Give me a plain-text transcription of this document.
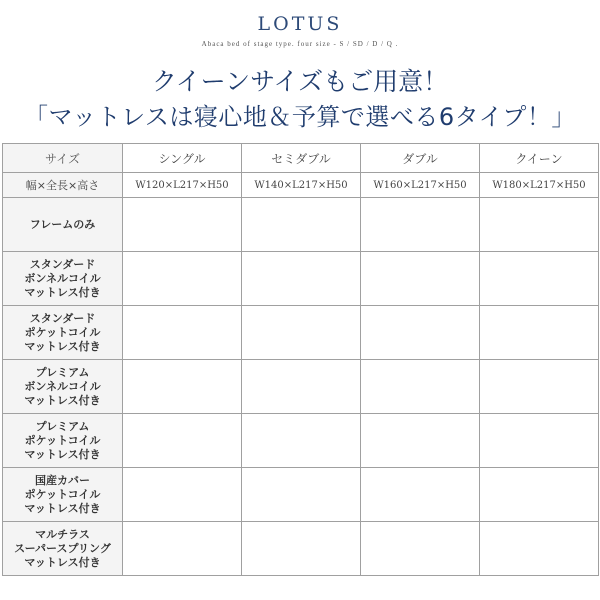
LOTUS
Abaca bed of stage type. four size - S / SD / D / Q .
クイーンサイズもご用意！
「マットレスは寝心地＆予算で選べる6タイプ！」
サイズ	シングル	セミダブル	ダブル	クイーン
幅×全長×高さ	W120×L217×H50	W140×L217×H50	W160×L217×H50	W180×L217×H50

フレームのみ				

スタンダード
ボンネルコイル
マットレス付き				

スタンダード
ポケットコイル
マットレス付き				

プレミアム
ボンネルコイル
マットレス付き				

プレミアム
ポケットコイル
マットレス付き				

国産カバー
ポケットコイル
マットレス付き				

マルチラス
スーパースプリング
マットレス付き				
